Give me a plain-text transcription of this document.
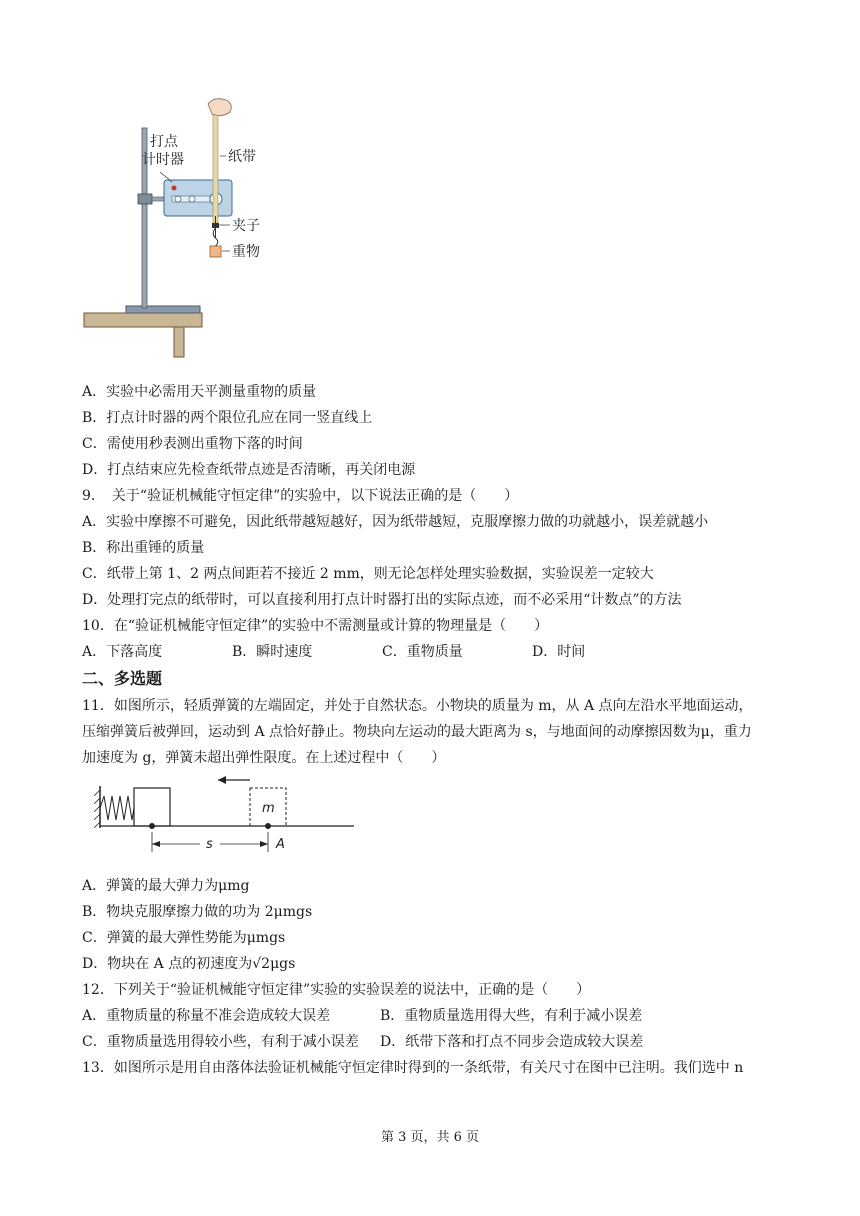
打点
计时器	纸带
夹子
重物
A．实验中必需用天平测量重物的质量
B．打点计时器的两个限位孔应在同一竖直线上
C．需使用秒表测出重物下落的时间
D．打点结束应先检查纸带点迹是否清晰，再关闭电源
9．　关于“验证机械能守恒定律”的实验中，以下说法正确的是（　　）
A．实验中摩擦不可避免，因此纸带越短越好，因为纸带越短，克服摩擦力做的功就越小，误差就越小
B．称出重锤的质量
C．纸带上第 1、2 两点间距若不接近 2 mm，则无论怎样处理实验数据，实验误差一定较大
D．处理打完点的纸带时，可以直接利用打点计时器打出的实际点迹，而不必采用“计数点”的方法
10．在“验证机械能守恒定律”的实验中不需测量或计算的物理量是（　　）
A．下落高度	B．瞬时速度	C．重物质量	D．时间
二、多选题
11．如图所示，轻质弹簧的左端固定，并处于自然状态。小物块的质量为 m，从 A 点向左沿水平地面运动，
压缩弹簧后被弹回，运动到 A 点恰好静止。物块向左运动的最大距离为 s，与地面间的动摩擦因数为μ，重力
加速度为 g，弹簧未超出弹性限度。在上述过程中（　　）
m
s	A
A．弹簧的最大弹力为μmg
B．物块克服摩擦力做的功为 2μmgs
C．弹簧的最大弹性势能为μmgs
D．物块在 A 点的初速度为√2μgs
12．下列关于“验证机械能守恒定律”实验的实验误差的说法中，正确的是（　　）
A．重物质量的称量不准会造成较大误差	B．重物质量选用得大些，有利于减小误差
C．重物质量选用得较小些，有利于减小误差 D．纸带下落和打点不同步会造成较大误差
13．如图所示是用自由落体法验证机械能守恒定律时得到的一条纸带，有关尺寸在图中已注明。我们选中 n
第 3 页，共 6 页
